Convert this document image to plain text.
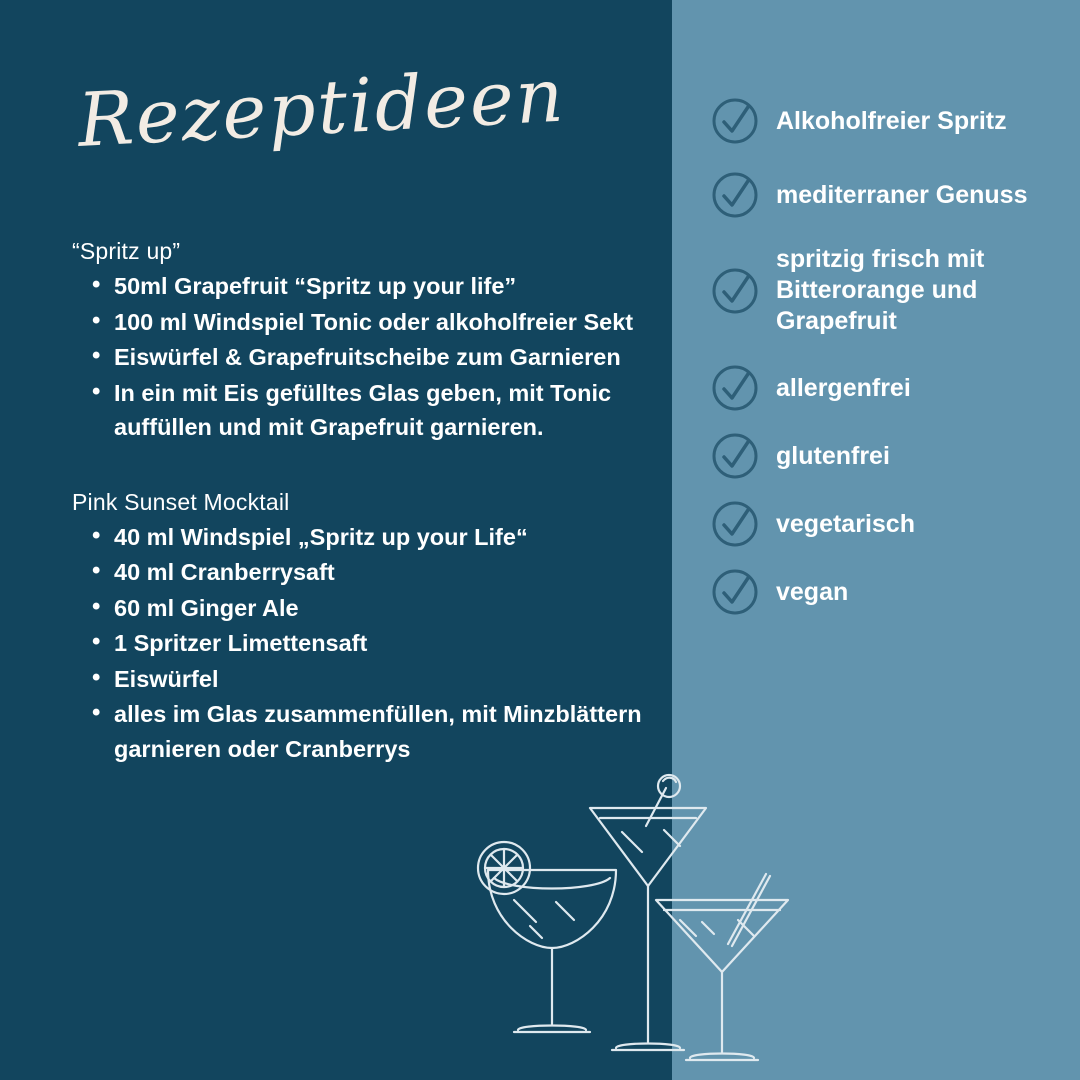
Rezeptideen

“Spritz up”

• 50ml Grapefruit “Spritz up your life”
• 100 ml Windspiel Tonic oder alkoholfreier Sekt
• Eiswürfel & Grapefruitscheibe zum Garnieren
• In ein mit Eis gefülltes Glas geben, mit Tonic auffüllen und mit Grapefruit garnieren.

Pink Sunset Mocktail

• 40 ml Windspiel „Spritz up your Life“
• 40 ml Cranberrysaft
• 60 ml Ginger Ale
• 1 Spritzer Limettensaft
• Eiswürfel
• alles im Glas zusammenfüllen, mit Minzblättern garnieren oder Cranberrys
Alkoholfreier Spritz
mediterraner Genuss
spritzig frisch mit Bitterorange und Grapefruit
allergenfrei
glutenfrei
vegetarisch
vegan
